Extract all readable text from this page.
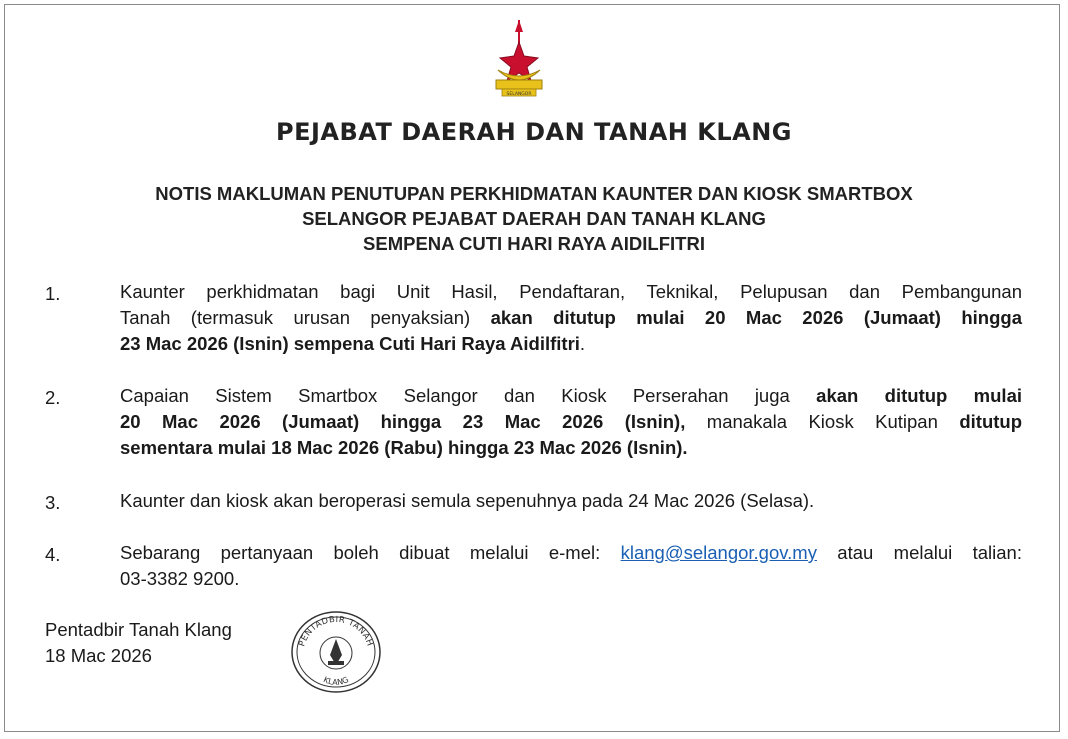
SELANGOR
PEJABAT DAERAH DAN TANAH KLANG
NOTIS MAKLUMAN PENUTUPAN PERKHIDMATAN KAUNTER DAN KIOSK SMARTBOX
SELANGOR PEJABAT DAERAH DAN TANAH KLANG
SEMPENA CUTI HARI RAYA AIDILFITRI
1.	Kaunter perkhidmatan bagi Unit Hasil, Pendaftaran, Teknikal, Pelupusan dan Pembangunan
Tanah (termasuk urusan penyaksian) akan ditutup mulai 20 Mac 2026 (Jumaat) hingga
23 Mac 2026 (Isnin) sempena Cuti Hari Raya Aidilfitri.
2.	Capaian Sistem Smartbox Selangor dan Kiosk Perserahan juga akan ditutup mulai
20 Mac 2026 (Jumaat) hingga 23 Mac 2026 (Isnin), manakala Kiosk Kutipan ditutup
sementara mulai 18 Mac 2026 (Rabu) hingga 23 Mac 2026 (Isnin).
3.	Kaunter dan kiosk akan beroperasi semula sepenuhnya pada 24 Mac 2026 (Selasa).
4.	Sebarang pertanyaan boleh dibuat melalui e-mel: klang@selangor.gov.my atau melalui talian:
03-3382 9200.
Pentadbir Tanah Klang
18 Mac 2026
PENTADBIR TANAH
KLANG
